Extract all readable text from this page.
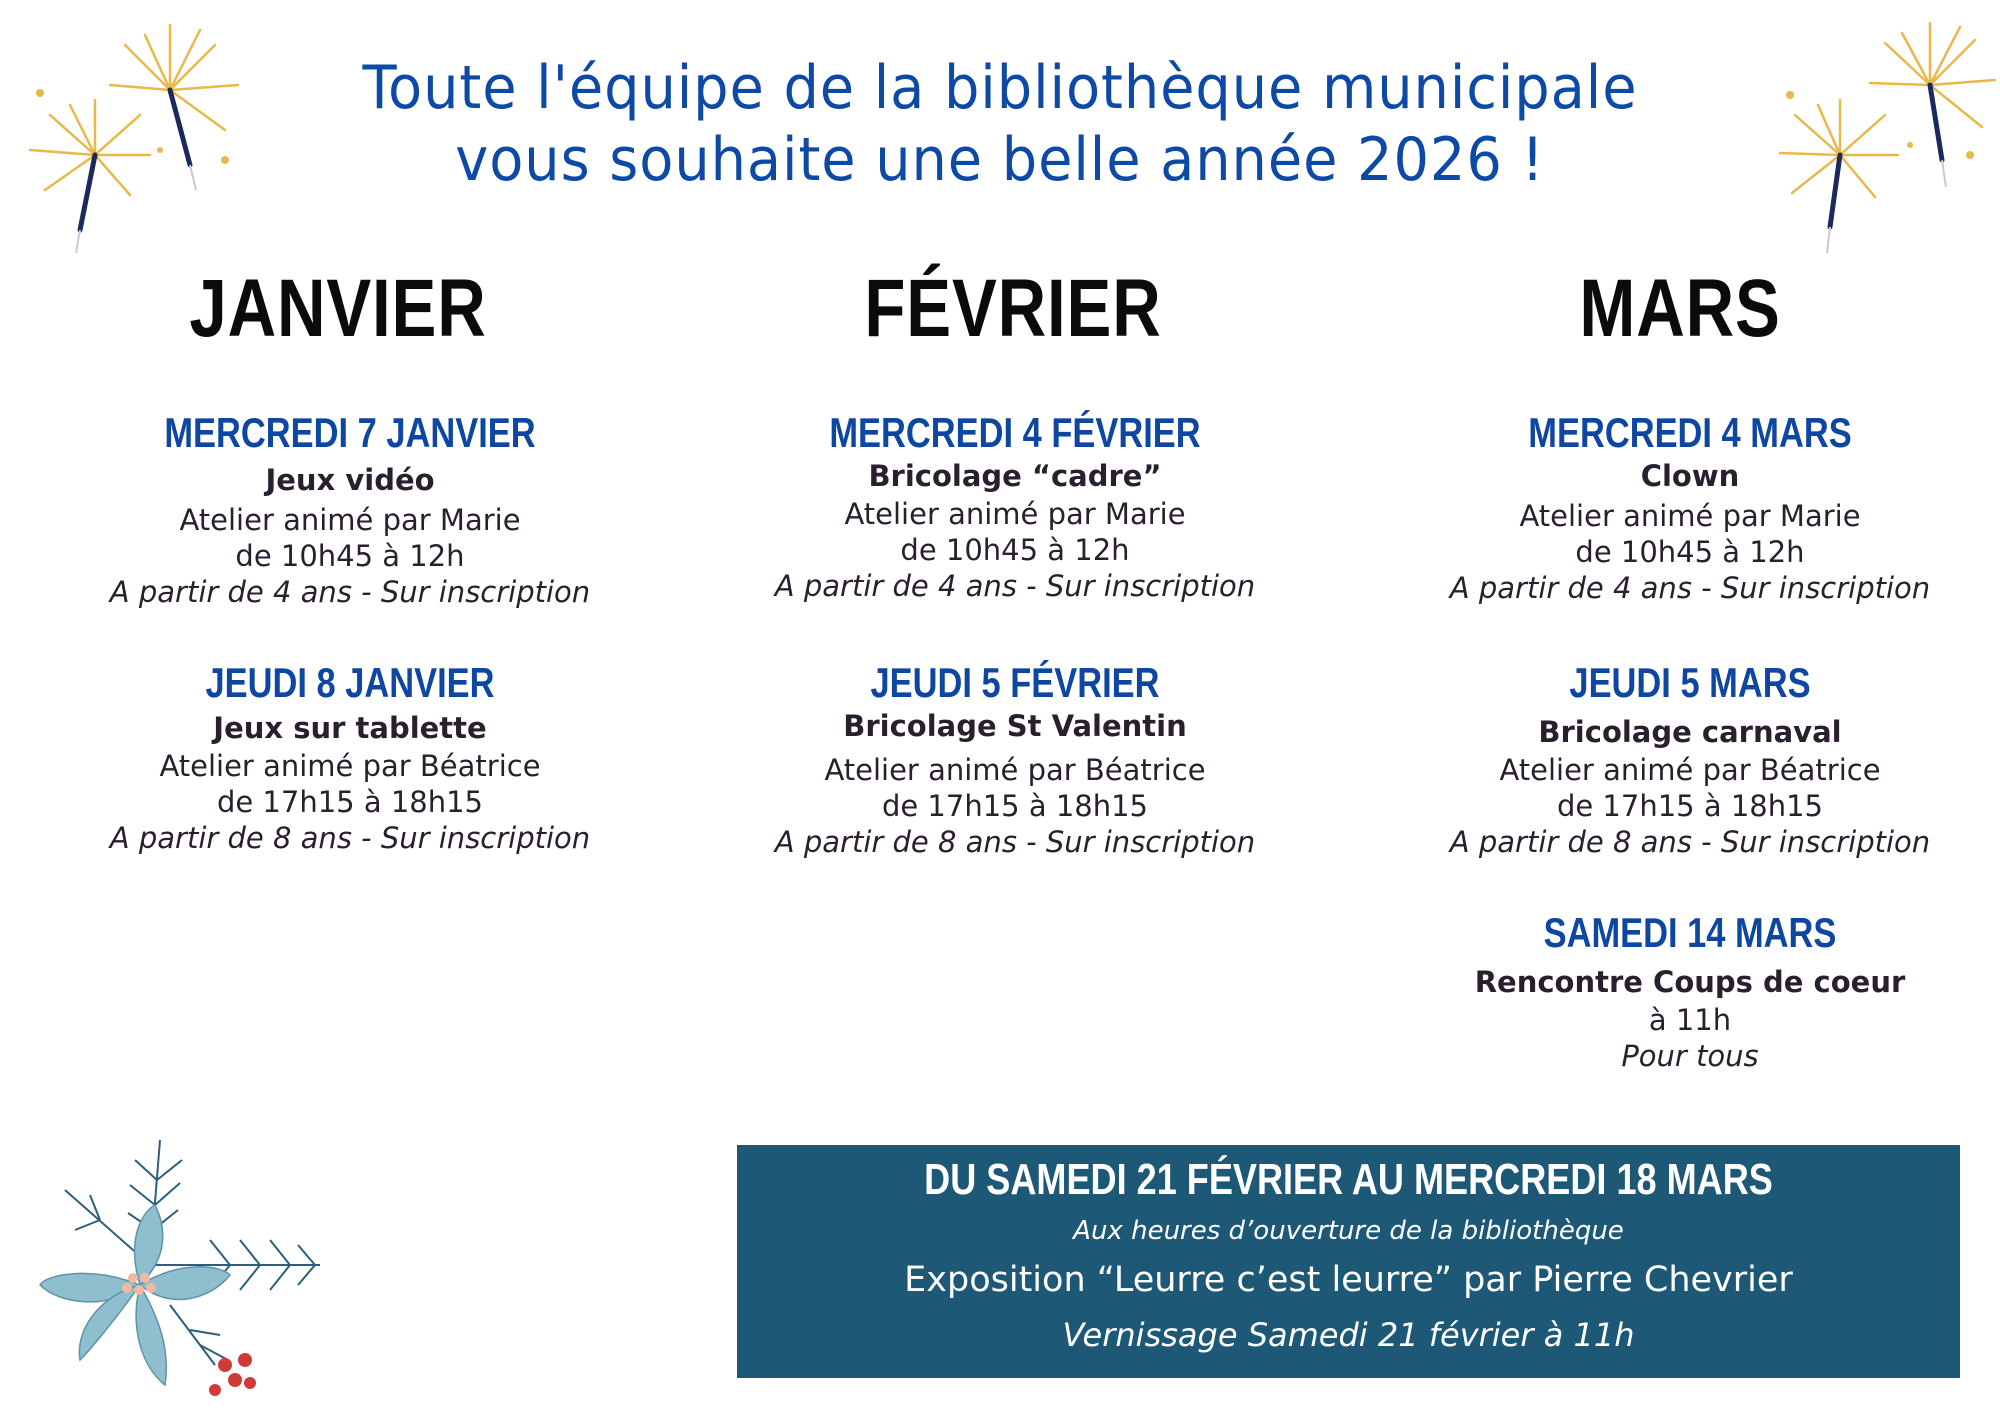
Toute l'équipe de la bibliothèque municipale
vous souhaite une belle année 2026 !
JANVIER	FÉVRIER	MARS
MERCREDI 7 JANVIER
Jeux vidéo
Atelier animé par Marie
de 10h45 à 12h
A partir de 4 ans - Sur inscription
JEUDI 8 JANVIER
Jeux sur tablette
Atelier animé par Béatrice
de 17h15 à 18h15
A partir de 8 ans - Sur inscription
MERCREDI 4 FÉVRIER
Bricolage “cadre”
Atelier animé par Marie
de 10h45 à 12h
A partir de 4 ans - Sur inscription
JEUDI 5 FÉVRIER
Bricolage St Valentin
Atelier animé par Béatrice
de 17h15 à 18h15
A partir de 8 ans - Sur inscription
MERCREDI 4 MARS
Clown
Atelier animé par Marie
de 10h45 à 12h
A partir de 4 ans - Sur inscription
JEUDI 5 MARS
Bricolage carnaval
Atelier animé par Béatrice
de 17h15 à 18h15
A partir de 8 ans - Sur inscription
SAMEDI 14 MARS
Rencontre Coups de coeur
à 11h
Pour tous
DU SAMEDI 21 FÉVRIER AU MERCREDI 18 MARS
Aux heures d’ouverture de la bibliothèque
Exposition “Leurre c’est leurre” par Pierre Chevrier
Vernissage Samedi 21 février à 11h
